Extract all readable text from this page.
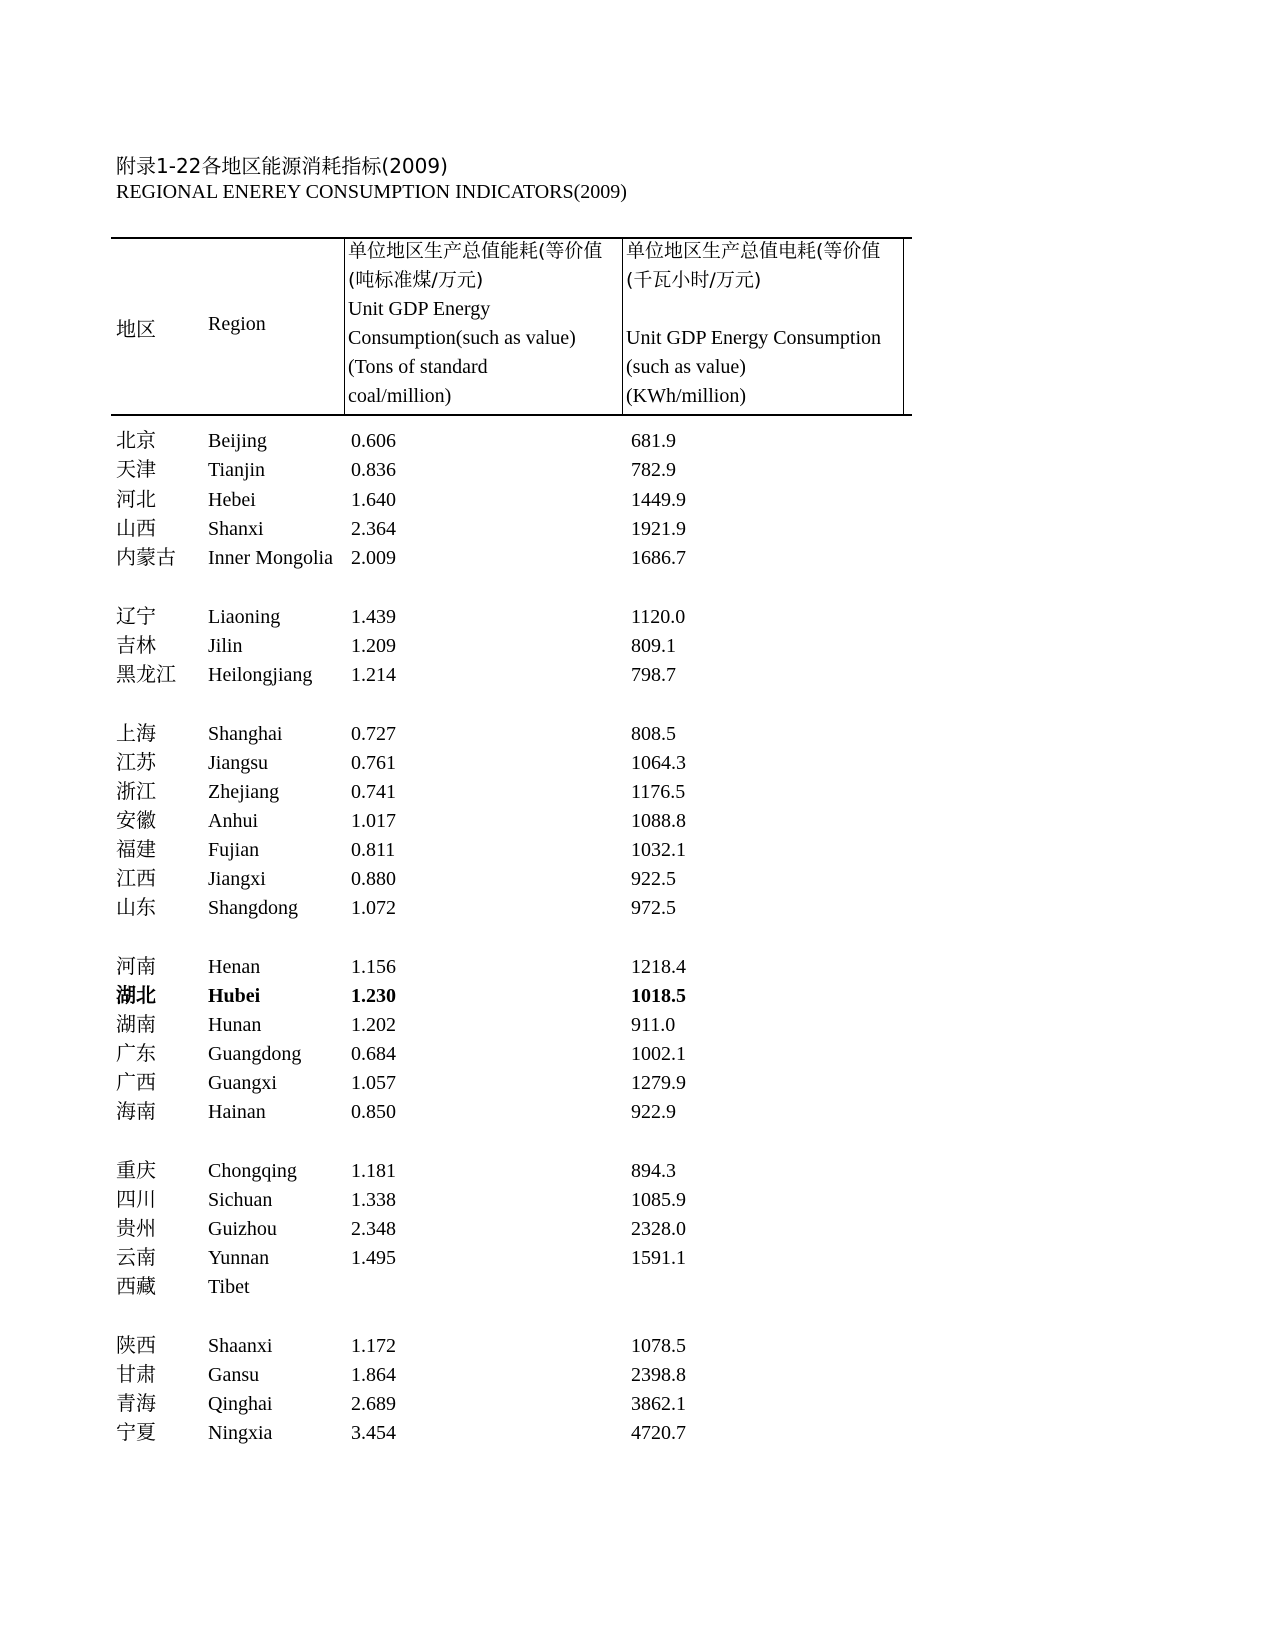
附录1-22各地区能源消耗指标(2009)
REGIONAL ENEREY CONSUMPTION INDICATORS(2009)
地区	Region
单位地区生产总值能耗(等价值
(吨标准煤/万元)
Unit GDP Energy
Consumption(such as value)
(Tons of standard
coal/million)
单位地区生产总值电耗(等价值
(千瓦小时/万元)
Unit GDP Energy Consumption
(such as value)
(KWh/million)
北京	Beijing	0.606	681.9
天津	Tianjin	0.836	782.9
河北	Hebei	1.640	1449.9
山西	Shanxi	2.364	1921.9
内蒙古 Inner Mongolia 2.009	1686.7
辽宁	Liaoning	1.439	1120.0
吉林	Jilin	1.209	809.1
黑龙江 Heilongjiang 1.214	798.7
上海	Shanghai	0.727	808.5
江苏	Jiangsu	0.761	1064.3
浙江	Zhejiang	0.741	1176.5
安徽	Anhui	1.017	1088.8
福建	Fujian	0.811	1032.1
江西	Jiangxi	0.880	922.5
山东	Shangdong	1.072	972.5
河南	Henan	1.156	1218.4
湖北	Hubei	1.230	1018.5
湖南	Hunan	1.202	911.0
广东	Guangdong 0.684	1002.1
广西	Guangxi	1.057	1279.9
海南	Hainan	0.850	922.9
重庆	Chongqing	1.181	894.3
四川	Sichuan	1.338	1085.9
贵州	Guizhou	2.348	2328.0
云南	Yunnan	1.495	1591.1
西藏	Tibet
陕西	Shaanxi	1.172	1078.5
甘肃	Gansu	1.864	2398.8
青海	Qinghai	2.689	3862.1
宁夏	Ningxia	3.454	4720.7
